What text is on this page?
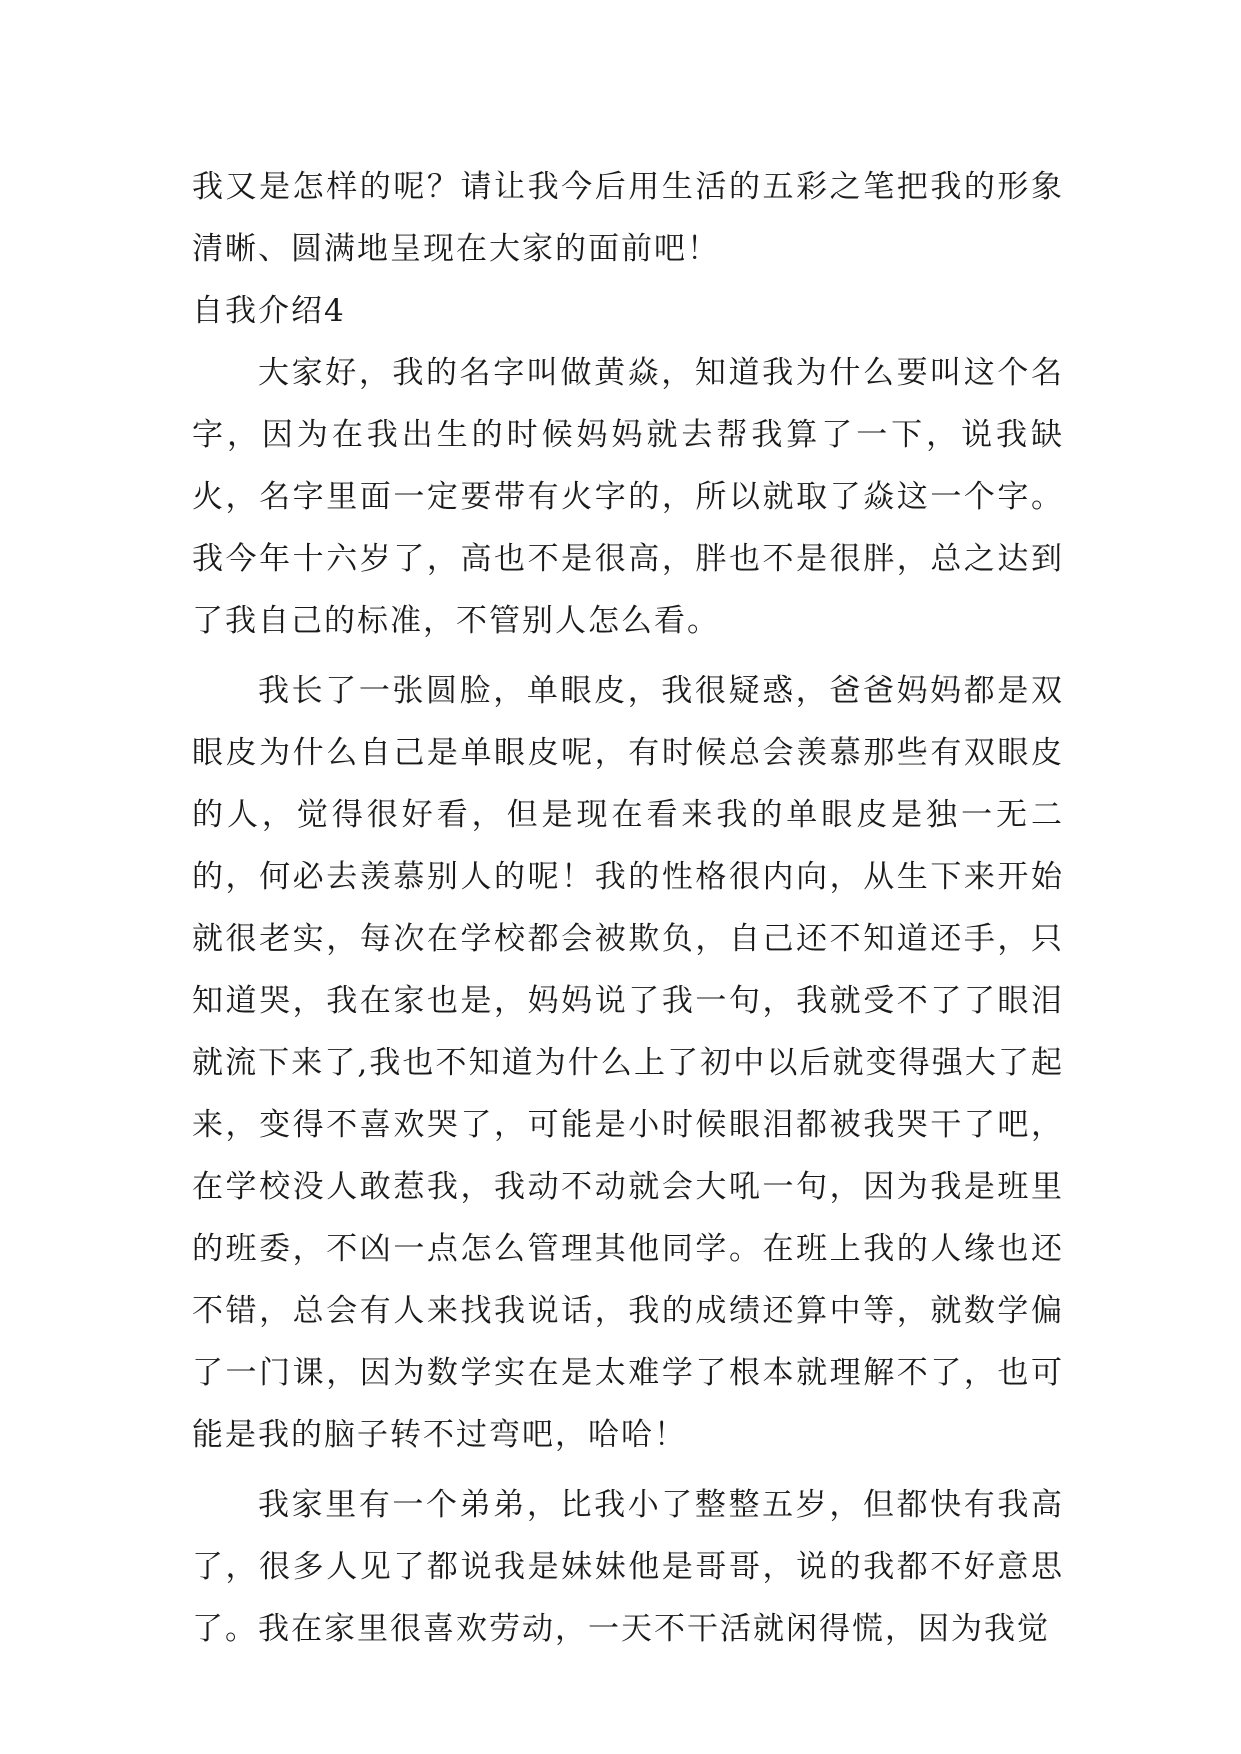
我又是怎样的呢？请让我今后用生活的五彩之笔把我的形象清晰、圆满地呈现在大家的面前吧！

自我介绍4

大家好，我的名字叫做黄焱，知道我为什么要叫这个名字，因为在我出生的时候妈妈就去帮我算了一下，说我缺火，名字里面一定要带有火字的，所以就取了焱这一个字。我今年十六岁了，高也不是很高，胖也不是很胖，总之达到了我自己的标准，不管别人怎么看。

我长了一张圆脸，单眼皮，我很疑惑，爸爸妈妈都是双眼皮为什么自己是单眼皮呢，有时候总会羡慕那些有双眼皮的人，觉得很好看，但是现在看来我的单眼皮是独一无二的，何必去羡慕别人的呢！我的性格很内向，从生下来开始就很老实，每次在学校都会被欺负，自己还不知道还手，只知道哭，我在家也是，妈妈说了我一句，我就受不了了眼泪就流下来了,我也不知道为什么上了初中以后就变得强大了起来，变得不喜欢哭了，可能是小时候眼泪都被我哭干了吧，在学校没人敢惹我，我动不动就会大吼一句，因为我是班里的班委，不凶一点怎么管理其他同学。在班上我的人缘也还不错，总会有人来找我说话，我的成绩还算中等，就数学偏了一门课，因为数学实在是太难学了根本就理解不了，也可能是我的脑子转不过弯吧，哈哈！

我家里有一个弟弟，比我小了整整五岁，但都快有我高了，很多人见了都说我是妹妹他是哥哥，说的我都不好意思了。我在家里很喜欢劳动，一天不干活就闲得慌，因为我觉
